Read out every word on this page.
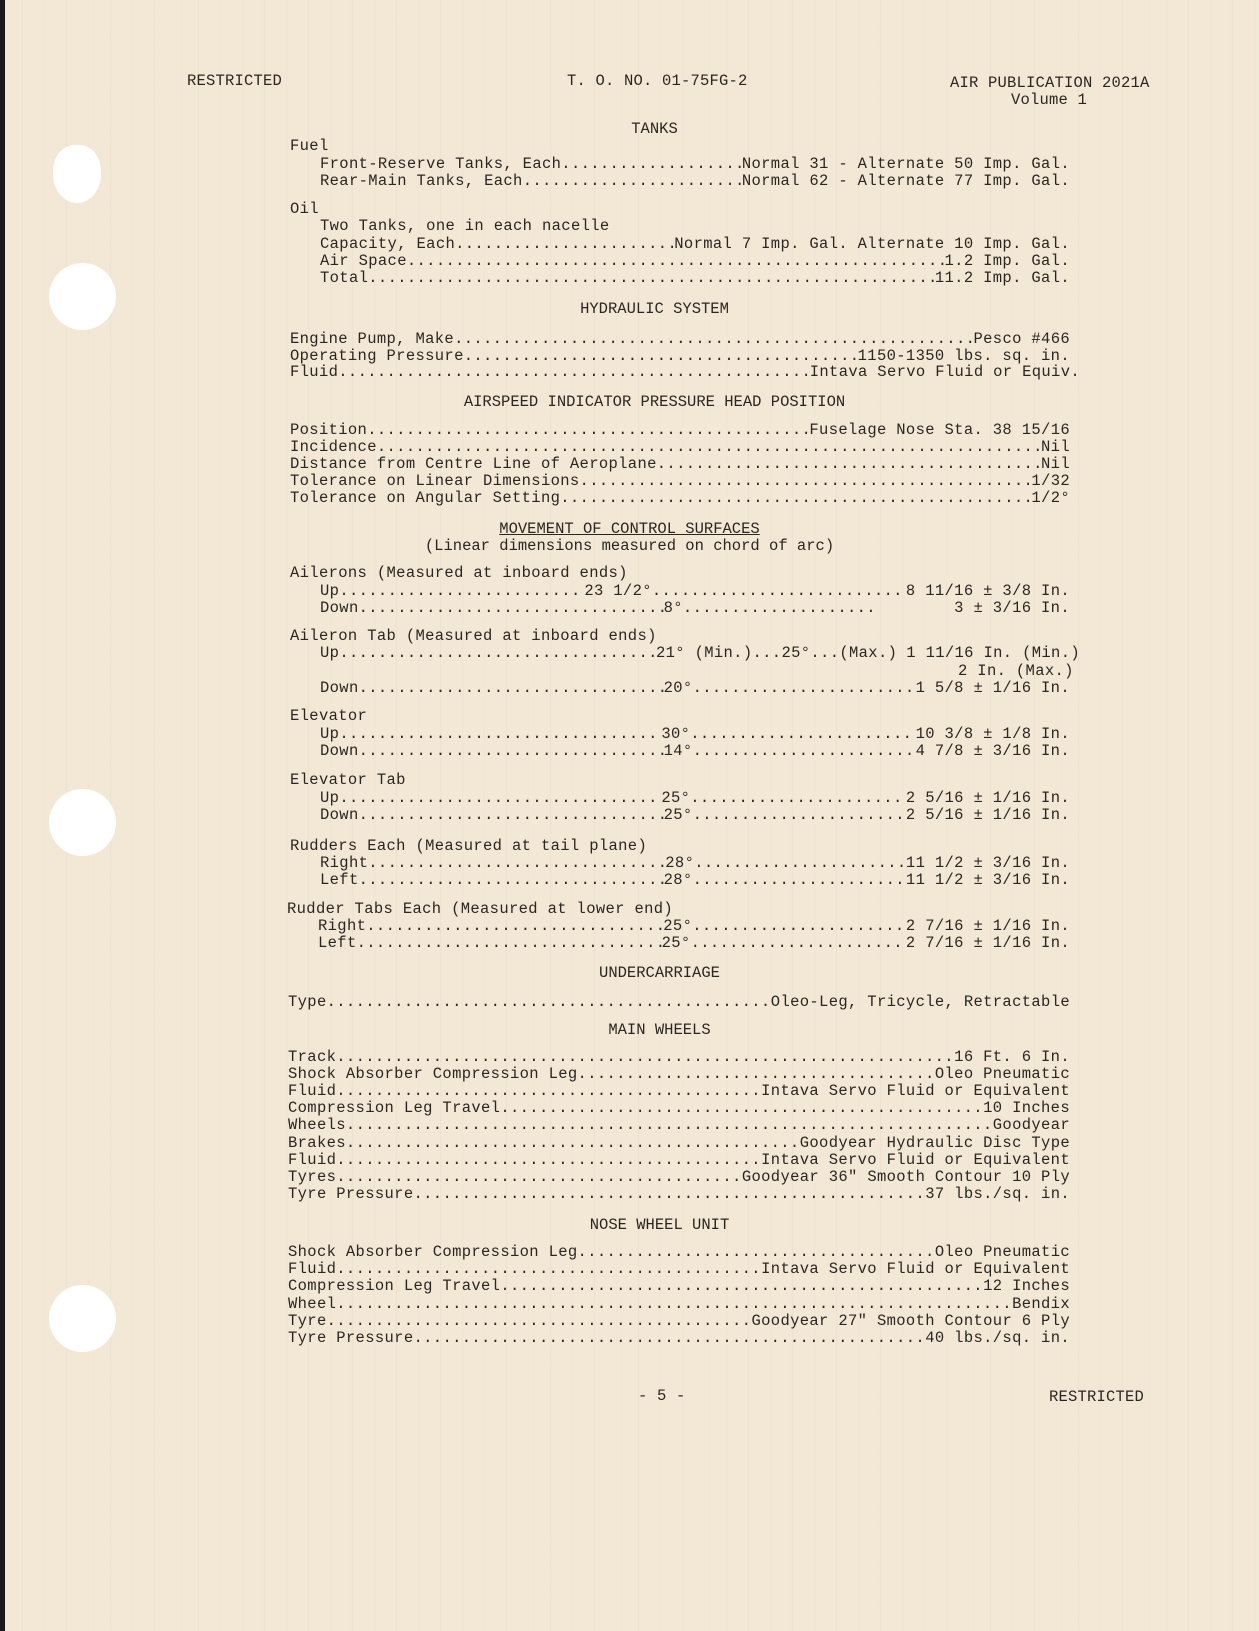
RESTRICTED	T. O. NO. 01-75FG-2	AIR PUBLICATION 2021A
Volume 1
TANKS
Fuel
Front-Reserve Tanks, Each .....	Normal 31 - Alternate 50 Imp. Gal.
Rear-Main Tanks, Each .....	Normal 62 - Alternate 77 Imp. Gal.
Oil
Two Tanks, one in each nacelle
Capacity, Each .....	Normal 7 Imp. Gal. Alternate 10 Imp. Gal.
Air Space .....	1.2 Imp. Gal.
Total .....	11.2 Imp. Gal.
HYDRAULIC SYSTEM
Engine Pump, Make .....	Pesco #466
Operating Pressure .....	1150-1350 lbs. sq. in.
Fluid .....	Intava Servo Fluid or Equiv.
AIRSPEED INDICATOR PRESSURE HEAD POSITION
Position .....	Fuselage Nose Sta. 38 15/16
Incidence .....	Nil
Distance from Centre Line of Aeroplane .....	Nil
Tolerance on Linear Dimensions .....	1/32
Tolerance on Angular Setting .....	1/2°
MOVEMENT OF CONTROL SURFACES
(Linear dimensions measured on chord of arc)
Ailerons (Measured at inboard ends)
Up .....	23 1/2° .....	8 11/16 ± 3/8 In.
Down .....	8° .....	3 ± 3/16 In.
Aileron Tab (Measured at inboard ends)
Up .....	21° (Min.)...25°...(Max.) 1 11/16 In. (Min.)
2 In. (Max.)
Down .....	20° .....	1 5/8 ± 1/16 In.
Elevator
Up .....	30° .....	10 3/8 ± 1/8 In.
Down .....	14° .....	4 7/8 ± 3/16 In.
Elevator Tab
Up .....	25° .....	2 5/16 ± 1/16 In.
Down .....	25° .....	2 5/16 ± 1/16 In.
Rudders Each (Measured at tail plane)
Right .....	28° .....	11 1/2 ± 3/16 In.
Left .....	28° .....	11 1/2 ± 3/16 In.
Rudder Tabs Each (Measured at lower end)
Right .....	25° .....	2 7/16 ± 1/16 In.
Left .....	25° .....	2 7/16 ± 1/16 In.
UNDERCARRIAGE
Type .....	Oleo-Leg, Tricycle, Retractable
MAIN WHEELS
Track .....	16 Ft. 6 In.
Shock Absorber Compression Leg .....	Oleo Pneumatic
Fluid .....	Intava Servo Fluid or Equivalent
Compression Leg Travel .....	10 Inches
Wheels .....	Goodyear
Brakes .....	Goodyear Hydraulic Disc Type
Fluid .....	Intava Servo Fluid or Equivalent
Tyres .....	Goodyear 36" Smooth Contour 10 Ply
Tyre Pressure .....	37 lbs./sq. in.
NOSE WHEEL UNIT
Shock Absorber Compression Leg .....	Oleo Pneumatic
Fluid .....	Intava Servo Fluid or Equivalent
Compression Leg Travel .....	12 Inches
Wheel .....	Bendix
Tyre .....	Goodyear 27" Smooth Contour 6 Ply
Tyre Pressure .....	40 lbs./sq. in.
- 5 -	RESTRICTED
